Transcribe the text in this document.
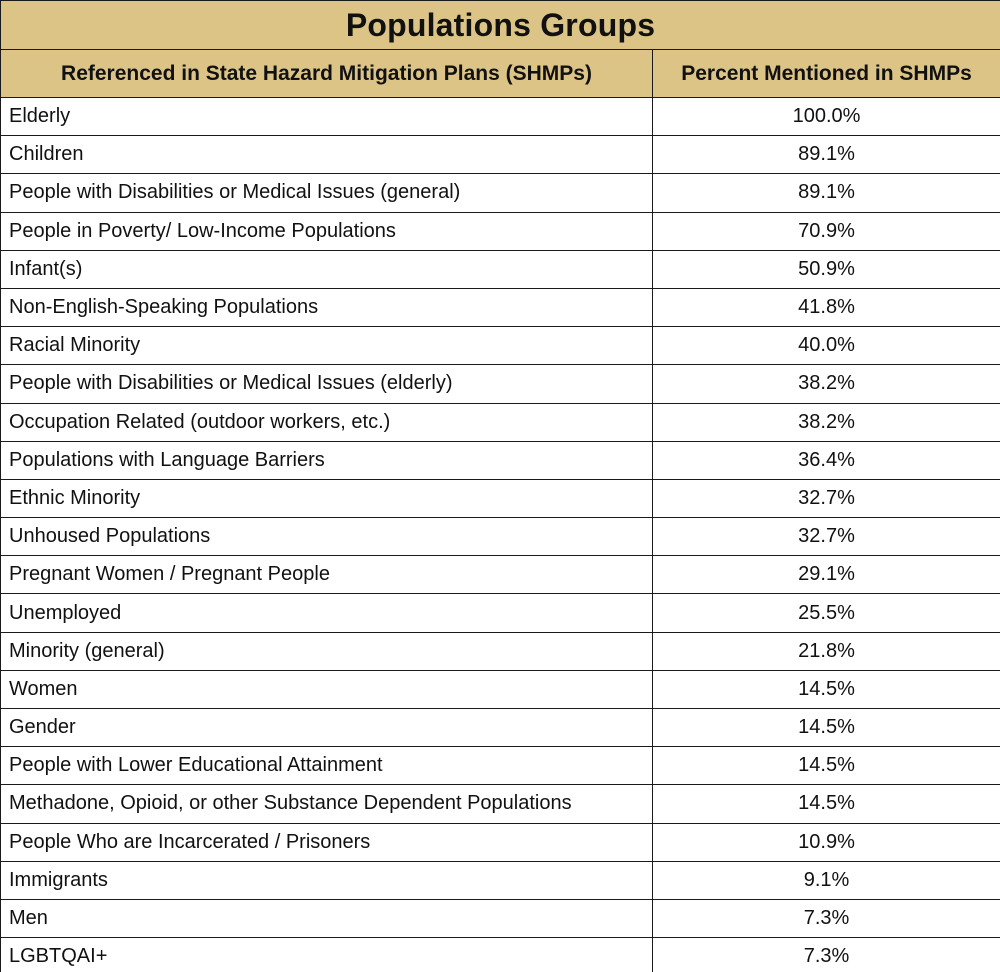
Populations Groups	
Referenced in State Hazard Mitigation Plans (SHMPs)	Percent Mentioned in SHMPs
Elderly	100.0%
Children	89.1%
People with Disabilities or Medical Issues (general)	89.1%
People in Poverty/ Low-Income Populations	70.9%
Infant(s)	50.9%
Non-English-Speaking Populations	41.8%
Racial Minority	40.0%
People with Disabilities or Medical Issues (elderly)	38.2%
Occupation Related (outdoor workers, etc.)	38.2%
Populations with Language Barriers	36.4%
Ethnic Minority	32.7%
Unhoused Populations	32.7%
Pregnant Women / Pregnant People	29.1%
Unemployed	25.5%
Minority (general)	21.8%
Women	14.5%
Gender	14.5%
People with Lower Educational Attainment	14.5%
Methadone, Opioid, or other Substance Dependent Populations	14.5%
People Who are Incarcerated / Prisoners	10.9%
Immigrants	9.1%
Men	7.3%
LGBTQAI+	7.3%
